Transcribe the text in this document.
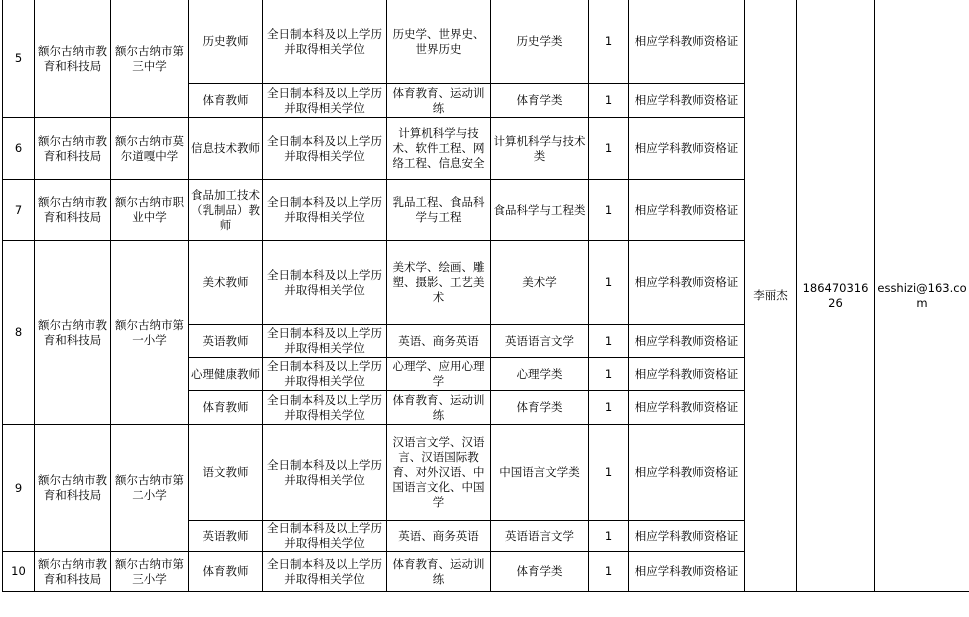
5	额尔古纳市教育和科技局	额尔古纳市第三中学	历史教师	全日制本科及以上学历并取得相关学位	历史学、世界史、世界历史	历史学类	1	相应学科教师资格证	李丽杰	18647031626	esshizi@163.com
			体育教师	全日制本科及以上学历并取得相关学位	体育教育、运动训练	体育学类	1	相应学科教师资格证			
6	额尔古纳市教育和科技局	额尔古纳市莫尔道嘎中学	信息技术教师	全日制本科及以上学历并取得相关学位	计算机科学与技术、软件工程、网络工程、信息安全	计算机科学与技术类	1	相应学科教师资格证			
7	额尔古纳市教育和科技局	额尔古纳市职业中学	食品加工技术（乳制品）教师	全日制本科及以上学历并取得相关学位	乳品工程、食品科学与工程	食品科学与工程类	1	相应学科教师资格证			
8	额尔古纳市教育和科技局	额尔古纳市第一小学	美术教师	全日制本科及以上学历并取得相关学位	美术学、绘画、雕塑、摄影、工艺美术	美术学	1	相应学科教师资格证			
			英语教师	全日制本科及以上学历并取得相关学位	英语、商务英语	英语语言文学	1	相应学科教师资格证			
			心理健康教师	全日制本科及以上学历并取得相关学位	心理学、应用心理学	心理学类	1	相应学科教师资格证			
			体育教师	全日制本科及以上学历并取得相关学位	体育教育、运动训练	体育学类	1	相应学科教师资格证			
9	额尔古纳市教育和科技局	额尔古纳市第二小学	语文教师	全日制本科及以上学历并取得相关学位	汉语言文学、汉语言、汉语国际教育、对外汉语、中国语言文化、中国学	中国语言文学类	1	相应学科教师资格证			
			英语教师	全日制本科及以上学历并取得相关学位	英语、商务英语	英语语言文学	1	相应学科教师资格证			
10	额尔古纳市教育和科技局	额尔古纳市第三小学	体育教师	全日制本科及以上学历并取得相关学位	体育教育、运动训练	体育学类	1	相应学科教师资格证			
